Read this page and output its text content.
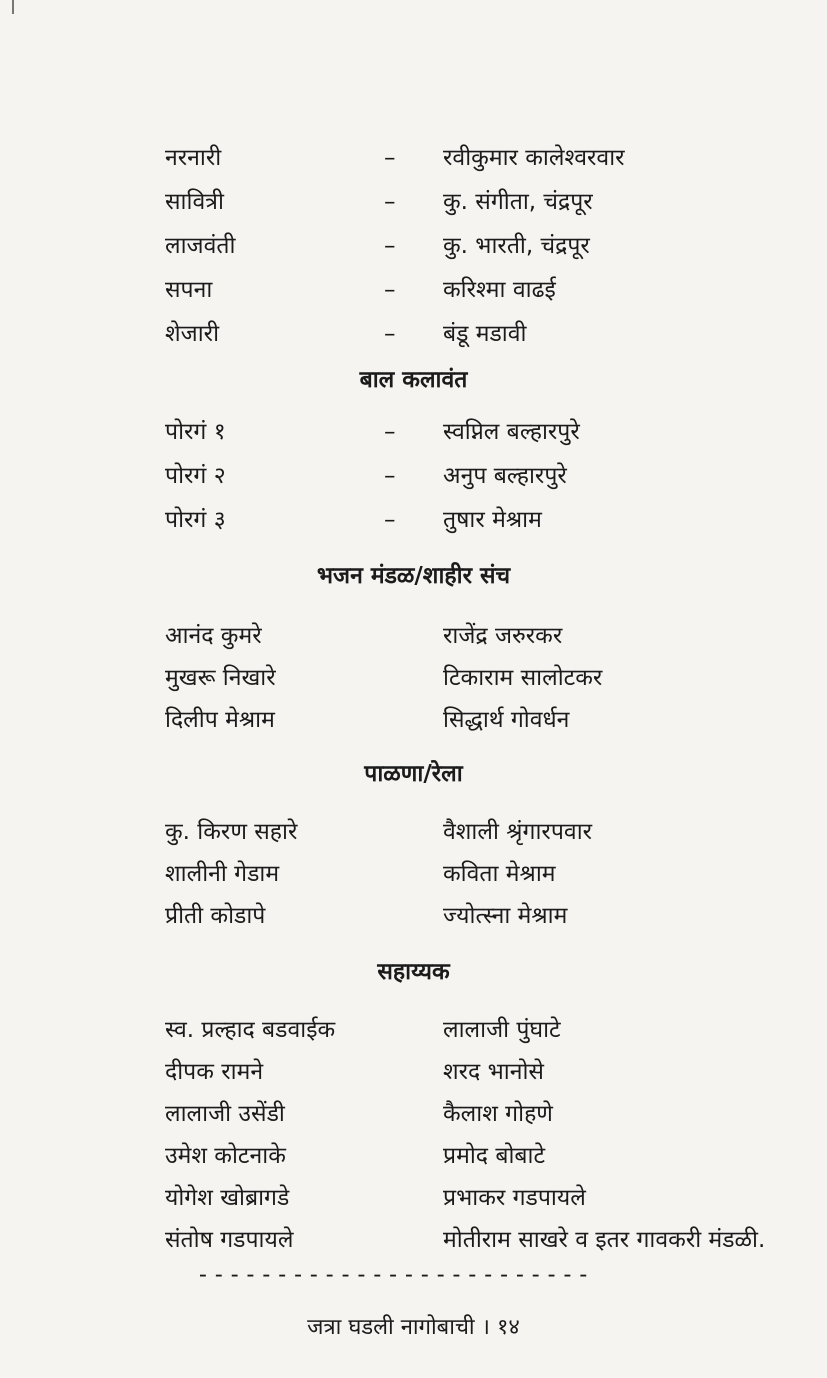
नरनारी	– रवीकुमार कालेश्वरवार
सावित्री	– कु. संगीता, चंद्रपूर
लाजवंती	– कु. भारती, चंद्रपूर
सपना	– करिश्मा वाढई
शेजारी	– बंडू मडावी
बाल कलावंत
पोरगं १	– स्वप्निल बल्हारपुरे
पोरगं २	– अनुप बल्हारपुरे
पोरगं ३	– तुषार मेश्राम
भजन मंडळ/शाहीर संच
आनंद कुमरे	राजेंद्र जरुरकर
मुखरू निखारे	टिकाराम सालोटकर
दिलीप मेश्राम	सिद्धार्थ गोवर्धन
पाळणा/रेला
कु. किरण सहारे	वैशाली श्रृंगारपवार
शालीनी गेडाम	कविता मेश्राम
प्रीती कोडापे	ज्योत्स्ना मेश्राम
सहाय्यक
स्व. प्रल्हाद बडवाईक	लालाजी पुंघाटे
दीपक रामने	शरद भानोसे
लालाजी उसेंडी	कैलाश गोहणे
उमेश कोटनाके	प्रमोद बोबाटे
योगेश खोब्रागडे	प्रभाकर गडपायले
संतोष गडपायले	मोतीराम साखरे व इतर गावकरी मंडळी.
-------------------------
जत्रा घडली नागोबाची । १४
